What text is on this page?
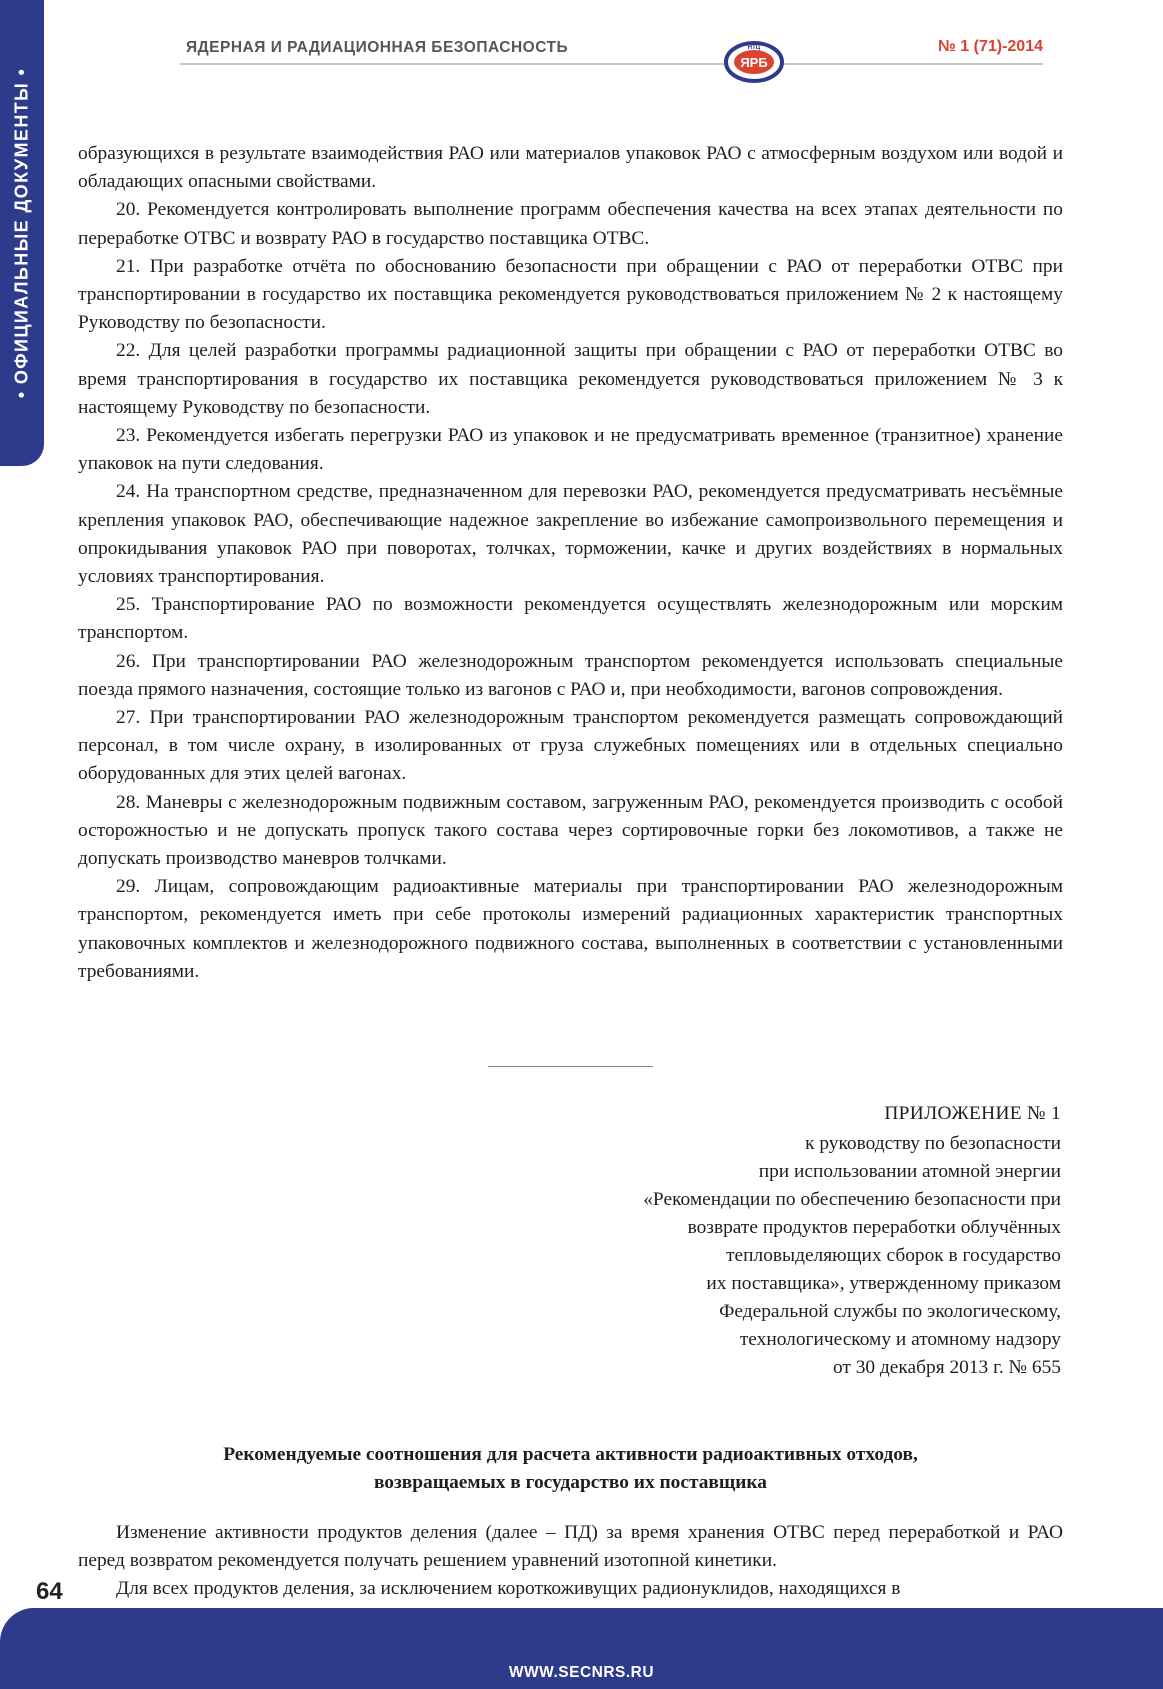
• ОФИЦИАЛЬНЫЕ ДОКУМЕНТЫ •
ЯДЕРНАЯ И РАДИАЦИОННАЯ БЕЗОПАСНОСТЬ	НТЦ
ЯРБ
№ 1 (71)-2014

образующихся в результате взаимодействия РАО или материалов упаковок РАО с атмосферным воздухом или водой и обладающих опасными свойствами.

20. Рекомендуется контролировать выполнение программ обеспечения качества на всех этапах деятельности по переработке ОТВС и возврату РАО в государство поставщика ОТВС.

21. При разработке отчёта по обоснованию безопасности при обращении с РАО от переработки ОТВС при транспортировании в государство их поставщика рекомендуется руководствоваться приложением № 2 к настоящему Руководству по безопасности.

22. Для целей разработки программы радиационной защиты при обращении с РАО от переработки ОТВС во время транспортирования в государство их поставщика рекомендуется руководствоваться приложением № 3 к настоящему Руководству по безопасности.

23. Рекомендуется избегать перегрузки РАО из упаковок и не предусматривать временное (транзитное) хранение упаковок на пути следования.

24. На транспортном средстве, предназначенном для перевозки РАО, рекомендуется предусматривать несъёмные крепления упаковок РАО, обеспечивающие надежное закрепление во избежание самопроизвольного перемещения и опрокидывания упаковок РАО при поворотах, толчках, торможении, качке и других воздействиях в нормальных условиях транспортирования.

25. Транспортирование РАО по возможности рекомендуется осуществлять железнодорожным или морским транспортом.

26. При транспортировании РАО железнодорожным транспортом рекомендуется использовать специальные поезда прямого назначения, состоящие только из вагонов с РАО и, при необходимости, вагонов сопровождения.

27. При транспортировании РАО железнодорожным транспортом рекомендуется размещать сопровождающий персонал, в том числе охрану, в изолированных от груза служебных помещениях или в отдельных специально оборудованных для этих целей вагонах.

28. Маневры с железнодорожным подвижным составом, загруженным РАО, рекомендуется производить с особой осторожностью и не допускать пропуск такого состава через сортировочные горки без локомотивов, а также не допускать производство маневров толчками.

29. Лицам, сопровождающим радиоактивные материалы при транспортировании РАО железнодорожным транспортом, рекомендуется иметь при себе протоколы измерений радиационных характеристик транспортных упаковочных комплектов и железнодорожного подвижного состава, выполненных в соответствии с установленными требованиями.

ПРИЛОЖЕНИЕ № 1
к руководству по безопасности
при использовании атомной энергии
«Рекомендации по обеспечению безопасности при
возврате продуктов переработки облучённых
тепловыделяющих сборок в государство
их поставщика», утвержденному приказом
Федеральной службы по экологическому,
технологическому и атомному надзору
от 30 декабря 2013 г. № 655
Рекомендуемые соотношения для расчета активности радиоактивных отходов,
возвращаемых в государство их поставщика

Изменение активности продуктов деления (далее – ПД) за время хранения ОТВС перед переработкой и РАО перед возвратом рекомендуется получать решением уравнений изотопной кинетики.

Для всех продуктов деления, за исключением короткоживущих радионуклидов, находящихся в

64
WWW.SECNRS.RU
